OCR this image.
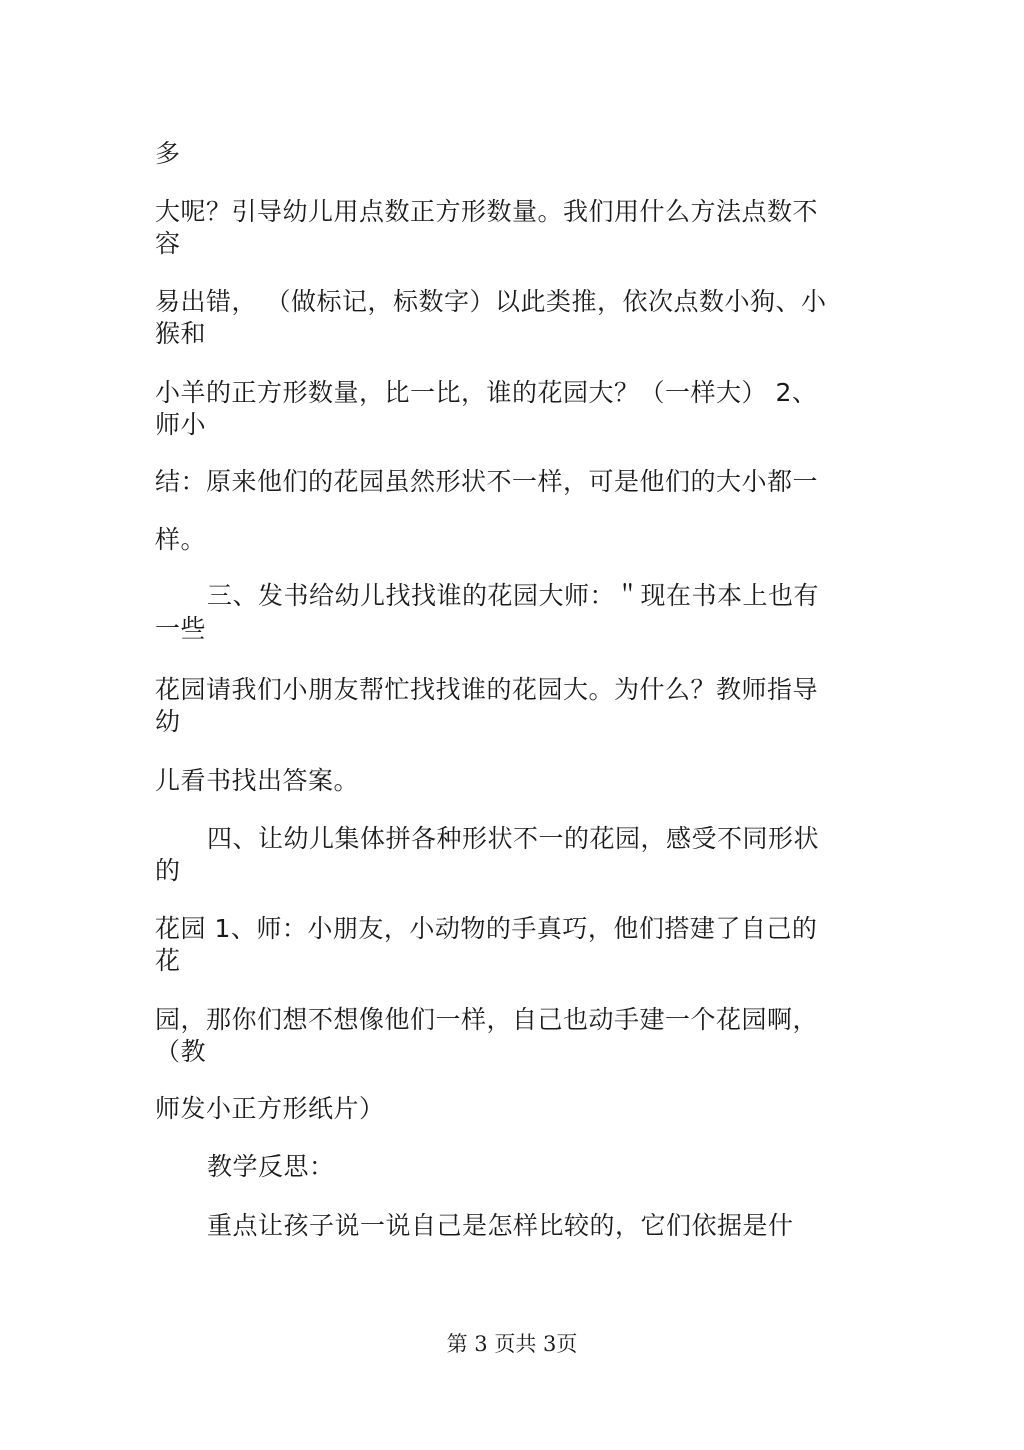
多
大呢？引导幼儿用点数正方形数量。我们用什么方法点数不
容
易出错， （做标记，标数字）以此类推，依次点数小狗、小
猴和
小羊的正方形数量，比一比，谁的花园大？（一样大） 2、
师小
结：原来他们的花园虽然形状不一样，可是他们的大小都一
样。
三、发书给幼儿找找谁的花园大师：＂现在书本上也有
一些
花园请我们小朋友帮忙找找谁的花园大。为什么？教师指导
幼
儿看书找出答案。
四、让幼儿集体拼各种形状不一的花园，感受不同形状
的
花园 1、师：小朋友，小动物的手真巧，他们搭建了自己的
花
园，那你们想不想像他们一样，自己也动手建一个花园啊，
（教
师发小正方形纸片）
教学反思：
重点让孩子说一说自己是怎样比较的，它们依据是什
第 3 页共 3页
